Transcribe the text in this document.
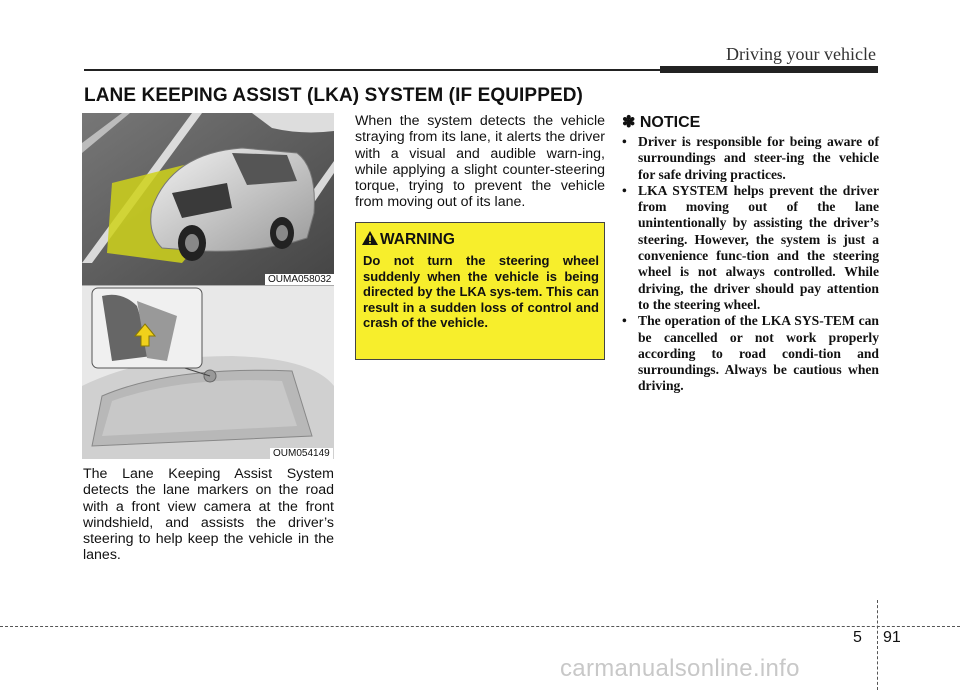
Driving your vehicle
LANE KEEPING ASSIST (LKA) SYSTEM (IF EQUIPPED)
OUMA058032
OUM054149
The Lane Keeping Assist System detects the lane markers on the road with a front view camera at the front windshield, and assists the driver’s steering to help keep the vehicle in the lanes.
When the system detects the vehicle straying from its lane, it alerts the driver with a visual and audible warn-ing, while applying a slight counter-steering torque, trying to prevent the vehicle from moving out of its lane.
WARNING
Do not turn the steering wheel suddenly when the vehicle is being directed by the LKA sys-tem. This can result in a sudden loss of control and crash of the vehicle.
✽ NOTICE
• Driver is responsible for being aware of surroundings and steer-ing the vehicle for safe driving practices.
• LKA SYSTEM helps prevent the driver from moving out of the lane unintentionally by assisting the driver’s steering. However, the system is just a convenience func-tion and the steering wheel is not always controlled. While driving, the driver should pay attention to the steering wheel.
• The operation of the LKA SYS-TEM can be cancelled or not work properly according to road condi-tion and surroundings. Always be cautious when driving.
5 91
carmanualsonline.info
